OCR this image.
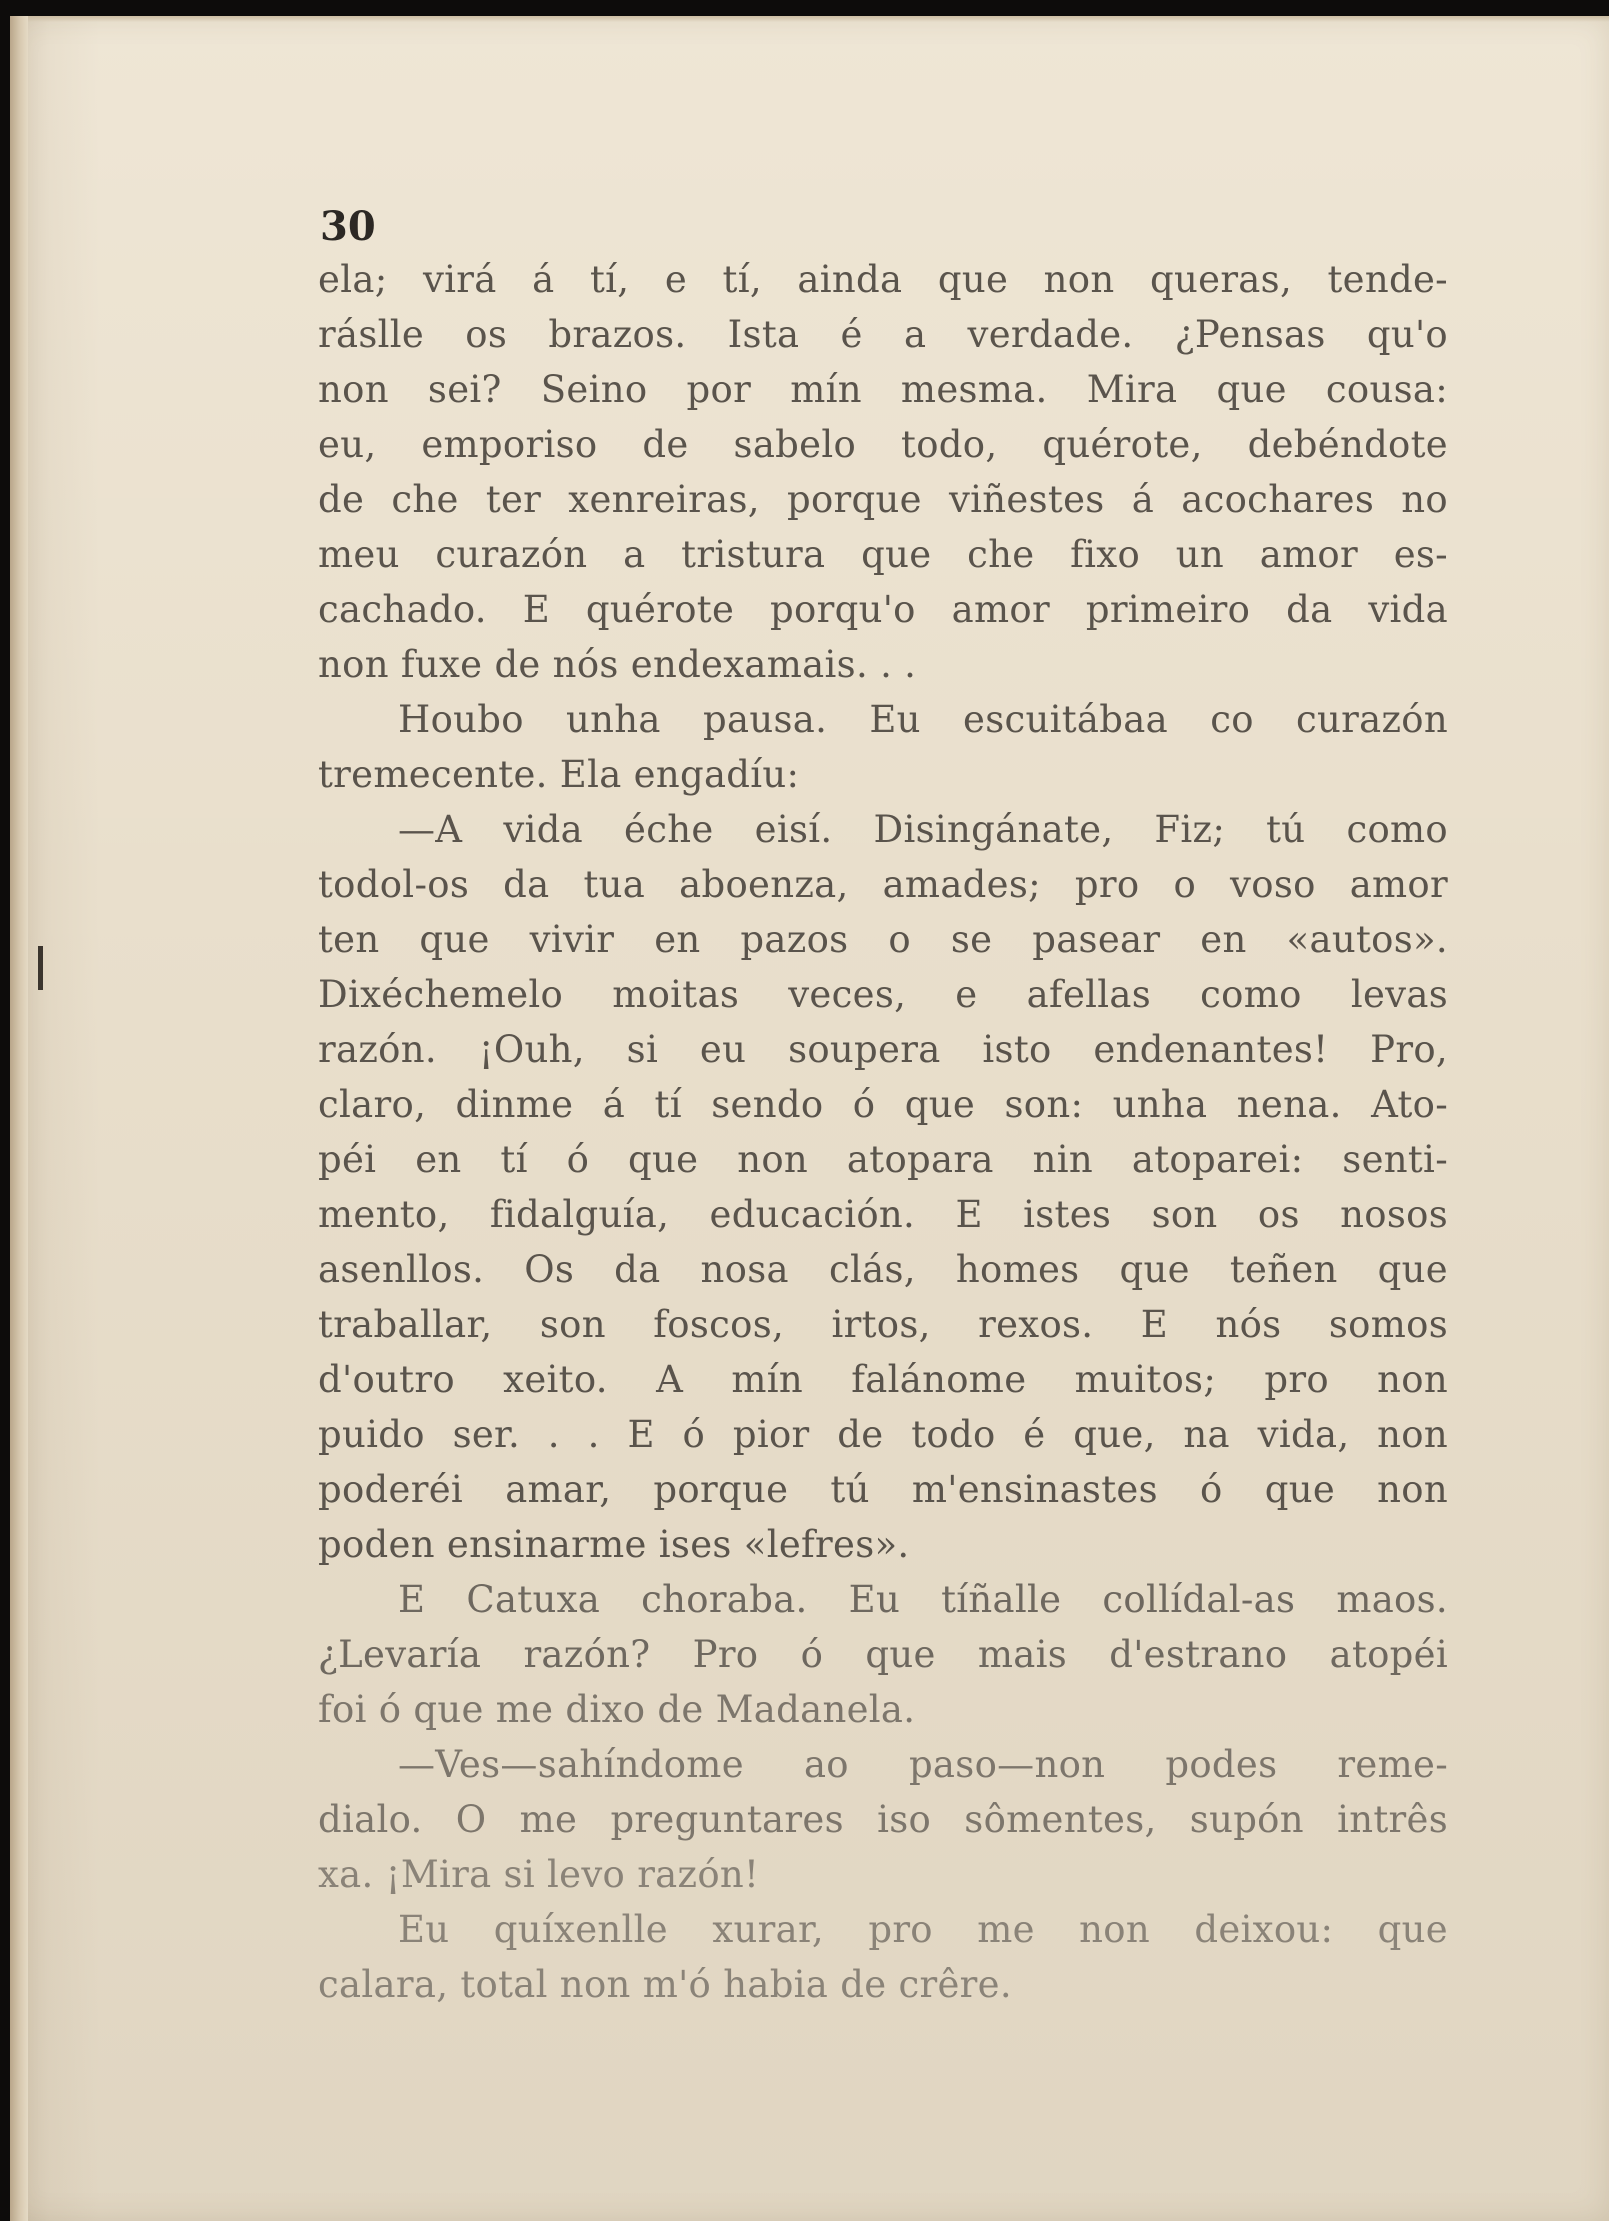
30
ela; virá á tí, e tí, ainda que non queras, tende-
ráslle os brazos. Ista é a verdade. ¿Pensas qu'o
non sei? Seino por mín mesma. Mira que cousa:
eu, emporiso de sabelo todo, quérote, debéndote
de che ter xenreiras, porque viñestes á acochares no
meu curazón a tristura que che fixo un amor es-
cachado. E quérote porqu'o amor primeiro da vida
non fuxe de nós endexamais. . .
Houbo unha pausa. Eu escuitábaa co curazón
tremecente. Ela engadíu:
—A vida éche eisí. Disingánate, Fiz; tú como
todol-os da tua aboenza, amades; pro o voso amor
ten que vivir en pazos o se pasear en «autos».
Dixéchemelo moitas veces, e afellas como levas
razón. ¡Ouh, si eu soupera isto endenantes! Pro,
claro, dinme á tí sendo ó que son: unha nena. Ato-
péi en tí ó que non atopara nin atoparei: senti-
mento, fidalguía, educación. E istes son os nosos
asenllos. Os da nosa clás, homes que teñen que
traballar, son foscos, irtos, rexos. E nós somos
d'outro xeito. A mín falánome muitos; pro non
puido ser. . . E ó pior de todo é que, na vida, non
poderéi amar, porque tú m'ensinastes ó que non
poden ensinarme ises «lefres».
E Catuxa choraba. Eu tíñalle collídal-as maos.
¿Levaría razón? Pro ó que mais d'estrano atopéi
foi ó que me dixo de Madanela.
—Ves—sahíndome ao paso—non podes reme-
dialo. O me preguntares iso sômentes, supón intrês
xa. ¡Mira si levo razón!
Eu quíxenlle xurar, pro me non deixou: que
calara, total non m'ó habia de crêre.
